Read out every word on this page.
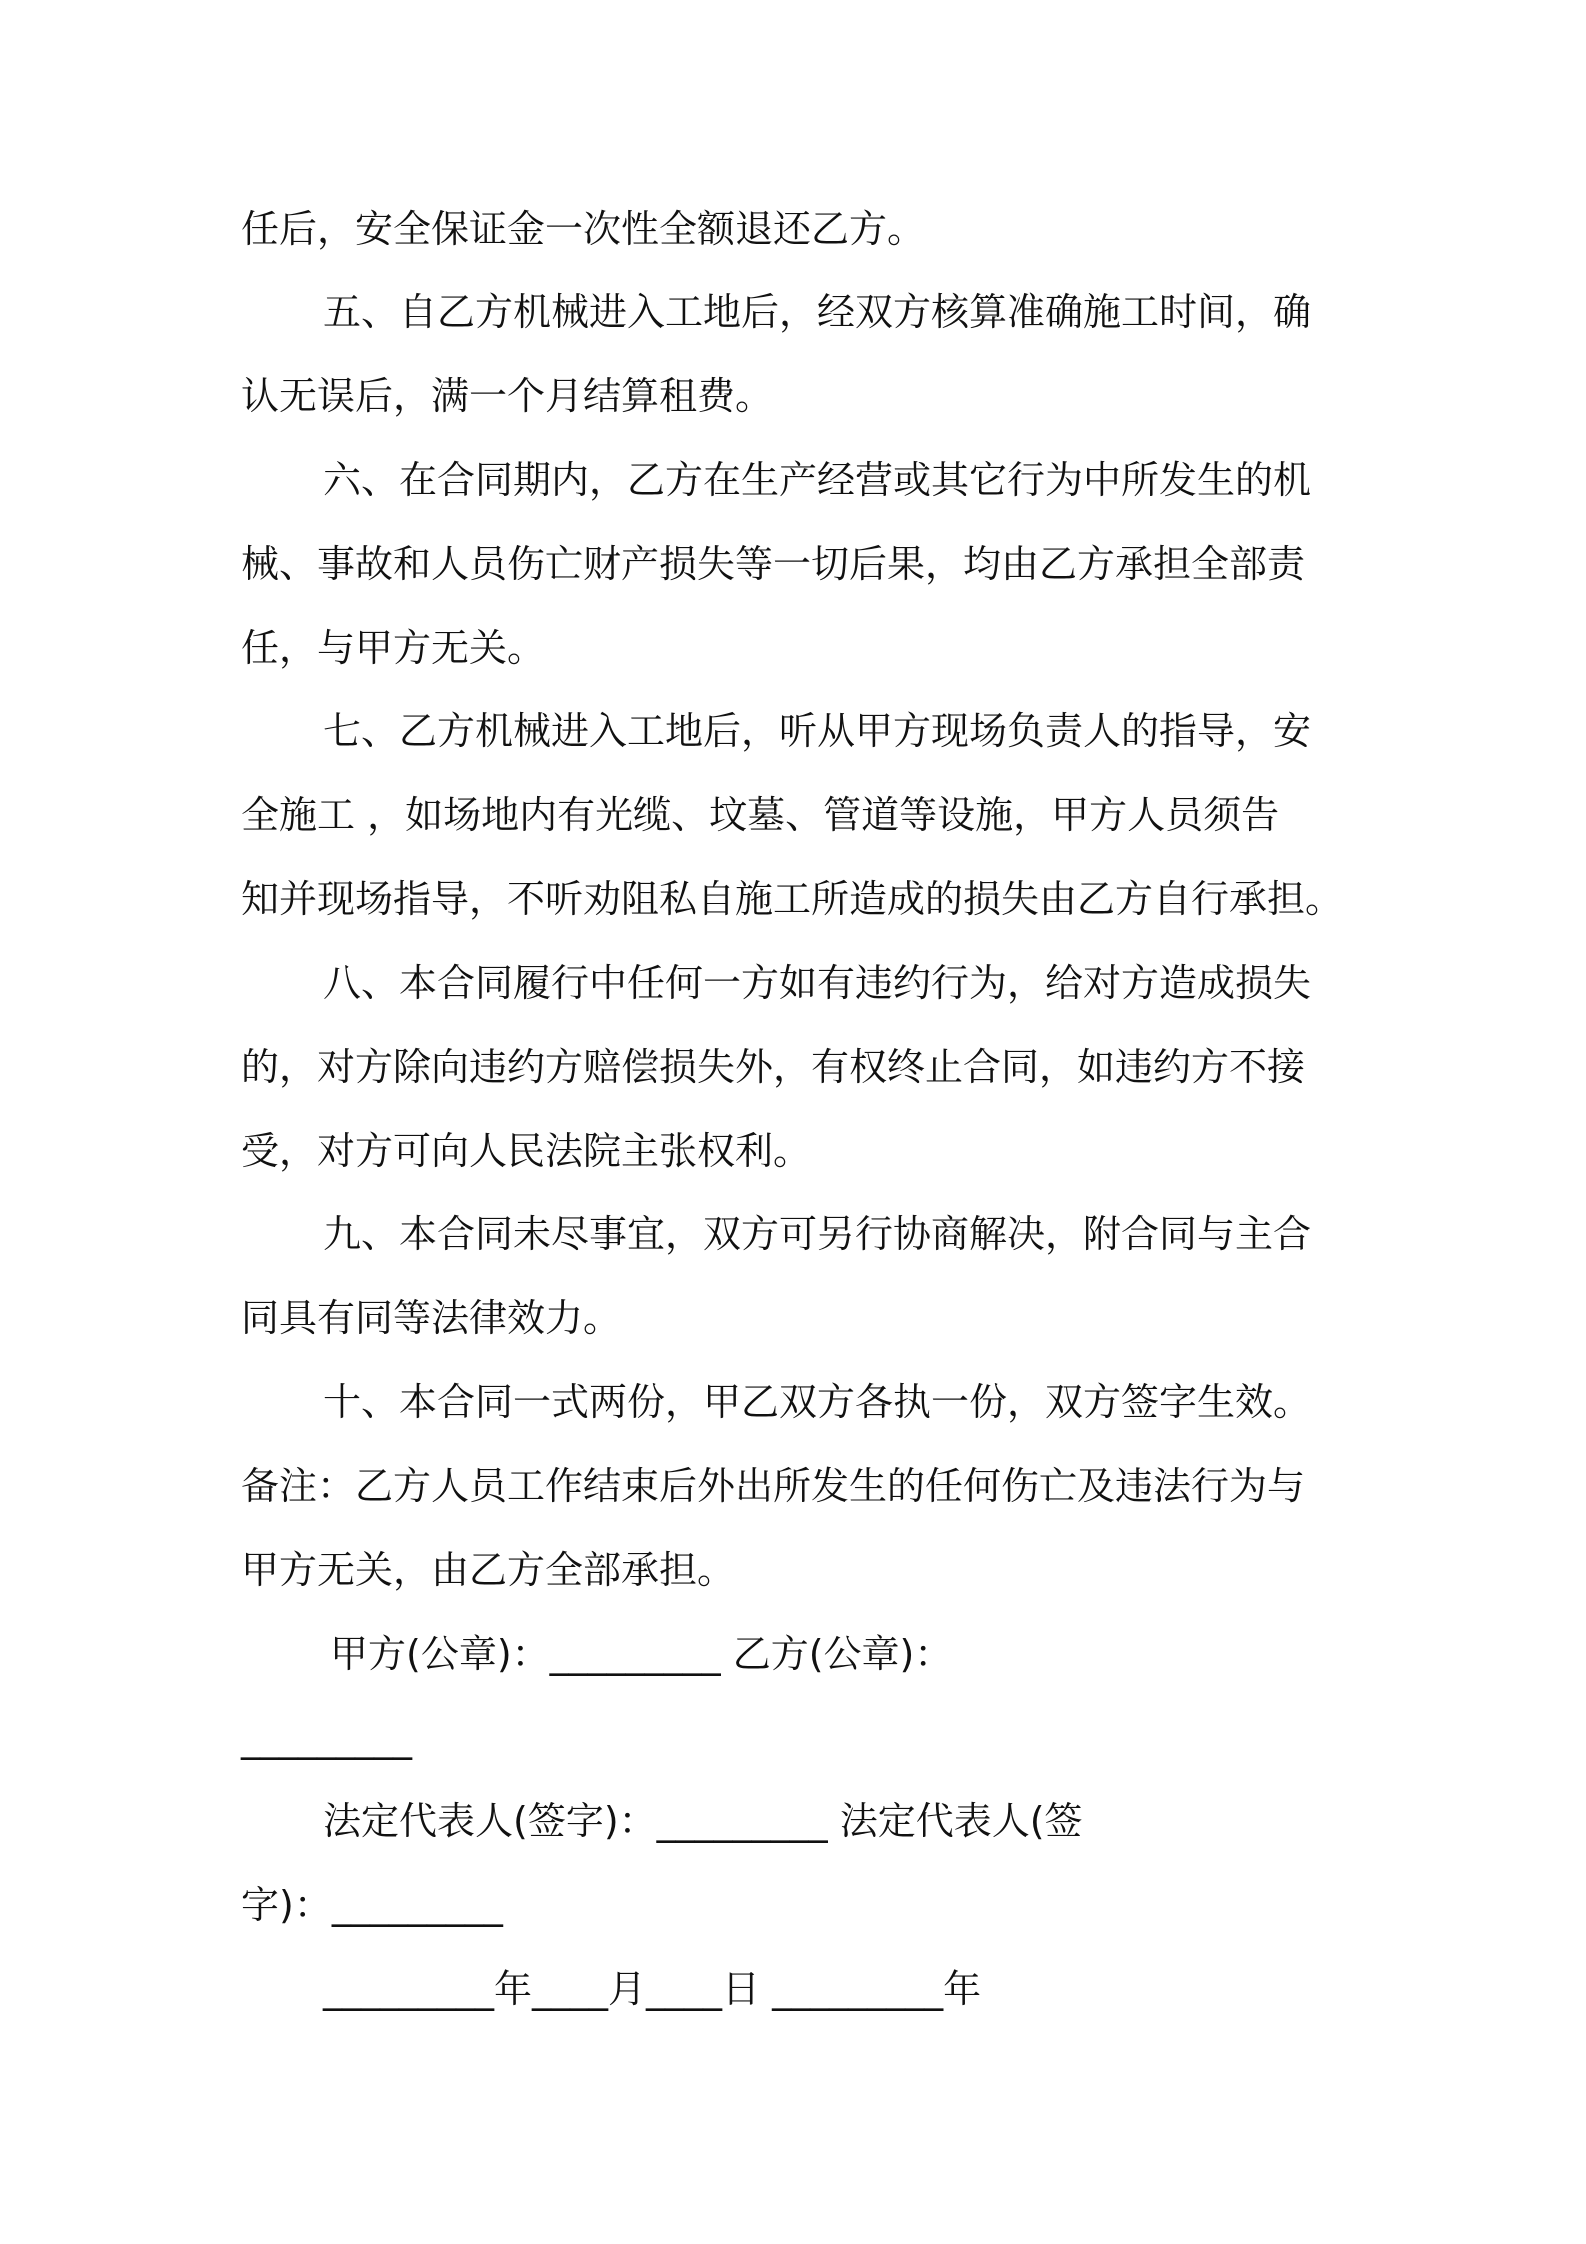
任后，安全保证金一次性全额退还乙方。
五、自乙方机械进入工地后，经双方核算准确施工时间，确
认无误后，满一个月结算租费。
六、在合同期内，乙方在生产经营或其它行为中所发生的机
械、事故和人员伤亡财产损失等一切后果，均由乙方承担全部责
任，与甲方无关。
七、乙方机械进入工地后，听从甲方现场负责人的指导，安
全施工 ，如场地内有光缆、坟墓、管道等设施，甲方人员须告
知并现场指导，不听劝阻私自施工所造成的损失由乙方自行承担。
八、本合同履行中任何一方如有违约行为，给对方造成损失
的，对方除向违约方赔偿损失外，有权终止合同，如违约方不接
受，对方可向人民法院主张权利。
九、本合同未尽事宜，双方可另行协商解决，附合同与主合
同具有同等法律效力。
十、本合同一式两份，甲乙双方各执一份，双方签字生效。
备注：乙方人员工作结束后外出所发生的任何伤亡及违法行为与
甲方无关，由乙方全部承担。
甲方(公章)：_________ 乙方(公章)：
_________
法定代表人(签字)：_________ 法定代表人(签
字)：_________
_________年____月____日 _________年
